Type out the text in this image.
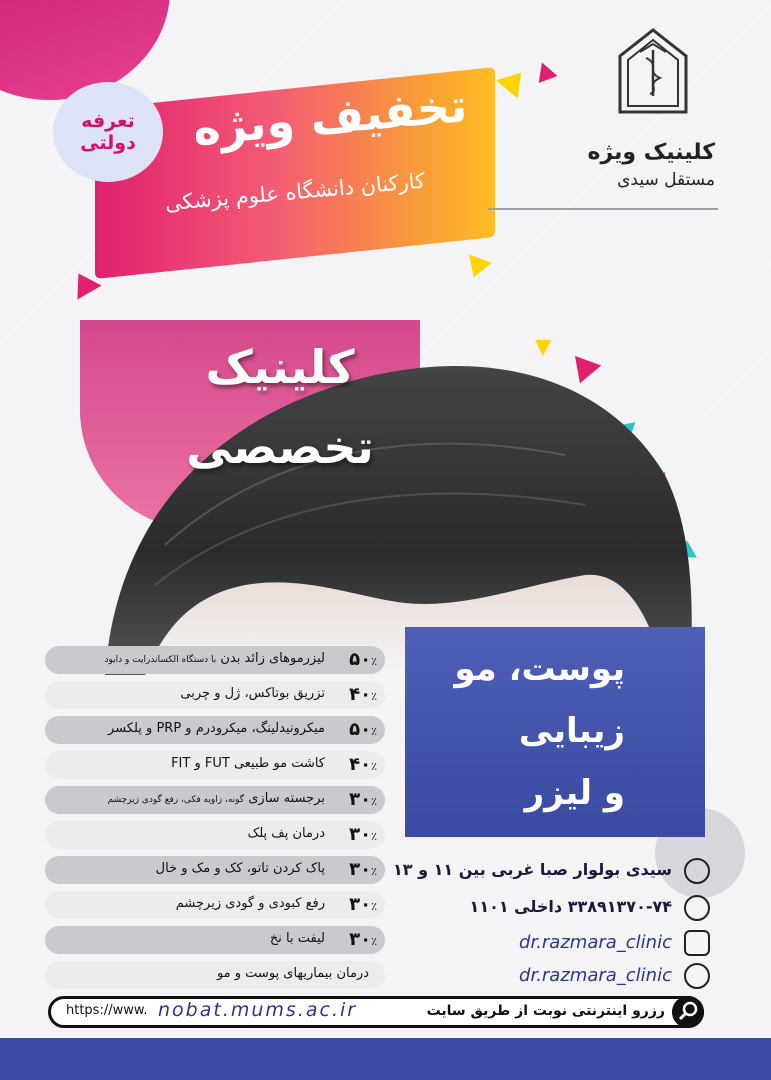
تخفیف ویژه
کارکنان دانشگاه علوم پزشکی
تعرفه
دولتی	کلینیک ویژه
مستقل سیدی
کلینیک
تخصصی
پوست، مو
زیبایی
و لیزر
۵۰٪
لیزرموهای زائد بدن با دستگاه الکساندرایت و دایود
۴۰٪
تزریق بوتاکس، ژل و چربی
۵۰٪
میکرونیدلینگ، میکرودرم و PRP و پلکسر
۴۰٪
کاشت مو طبیعی FUT و FIT
۳۰٪
برجسته سازی گونه، زاویه فکی، رفع گودی زیرچشم
۳۰٪
درمان پف پلک
۳۰٪
پاک کردن تاتو، کک و مک و خال
۳۰٪
رفع کبودی و گودی زیرچشم
۳۰٪
لیفت با نخ
درمان بیماریهای پوست و مو
سیدی بولوار صبا غربی بین ۱۱ و ۱۳
۳۳۸۹۱۳۷۰-۷۴ داخلی ۱۱۰۱
dr.razmara_clinic
dr.razmara_clinic
https://www. nobat.mums.ac.ir	رزرو اینترنتی نوبت از طریق سایت
